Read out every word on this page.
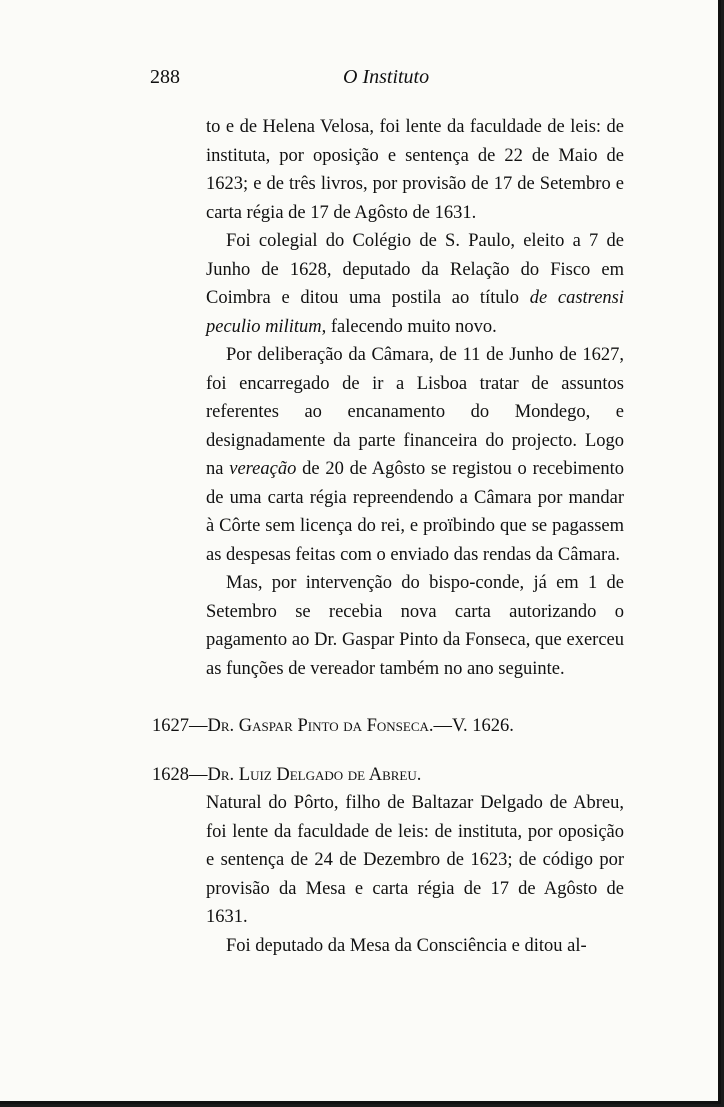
288	O Instituto

to e de Helena Velosa, foi lente da faculdade de leis: de instituta, por oposição e sentença de 22 de Maio de 1623; e de três livros, por provisão de 17 de Setembro e carta régia de 17 de Agôsto de 1631.

Foi colegial do Colégio de S. Paulo, eleito a 7 de Junho de 1628, deputado da Relação do Fisco em Coimbra e ditou uma postila ao título de castrensi peculio militum, falecendo muito novo.

Por deliberação da Câmara, de 11 de Junho de 1627, foi encarregado de ir a Lisboa tratar de assuntos referentes ao encanamento do Mondego, e designadamente da parte financeira do projecto. Logo na vereação de 20 de Agôsto se registou o recebimento de uma carta régia repreendendo a Câmara por mandar à Côrte sem licença do rei, e proïbindo que se pagassem as despesas feitas com o enviado das rendas da Câmara.

Mas, por intervenção do bispo-conde, já em 1 de Setembro se recebia nova carta autorizando o pagamento ao Dr. Gaspar Pinto da Fonseca, que exerceu as funções de vereador também no ano seguinte.

1627—Dr. Gaspar Pinto da Fonseca.—V. 1626.
1628—Dr. Luiz Delgado de Abreu.

Natural do Pôrto, filho de Baltazar Delgado de Abreu, foi lente da faculdade de leis: de instituta, por oposição e sentença de 24 de Dezembro de 1623; de código por provisão da Mesa e carta régia de 17 de Agôsto de 1631.

Foi deputado da Mesa da Consciência e ditou al-
